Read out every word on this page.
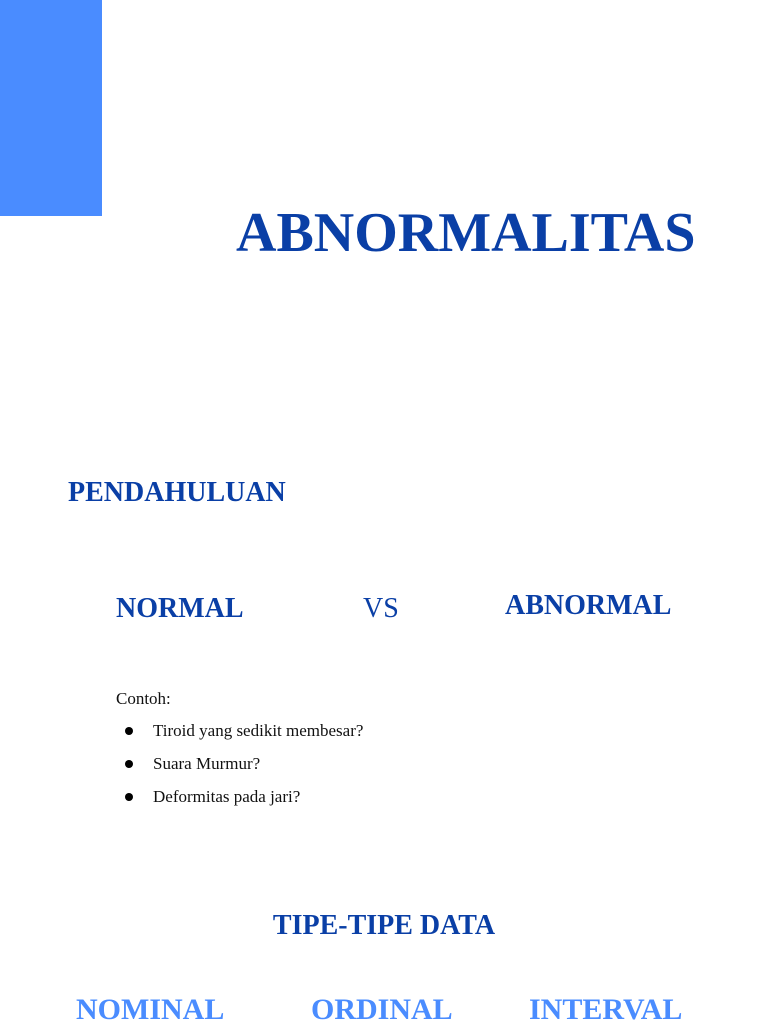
ABNORMALITAS
PENDAHULUAN
NORMAL	VS	ABNORMAL
Contoh:
Tiroid yang sedikit membesar?
Suara Murmur?
Deformitas pada jari?
TIPE-TIPE DATA
NOMINAL	ORDINAL	INTERVAL
